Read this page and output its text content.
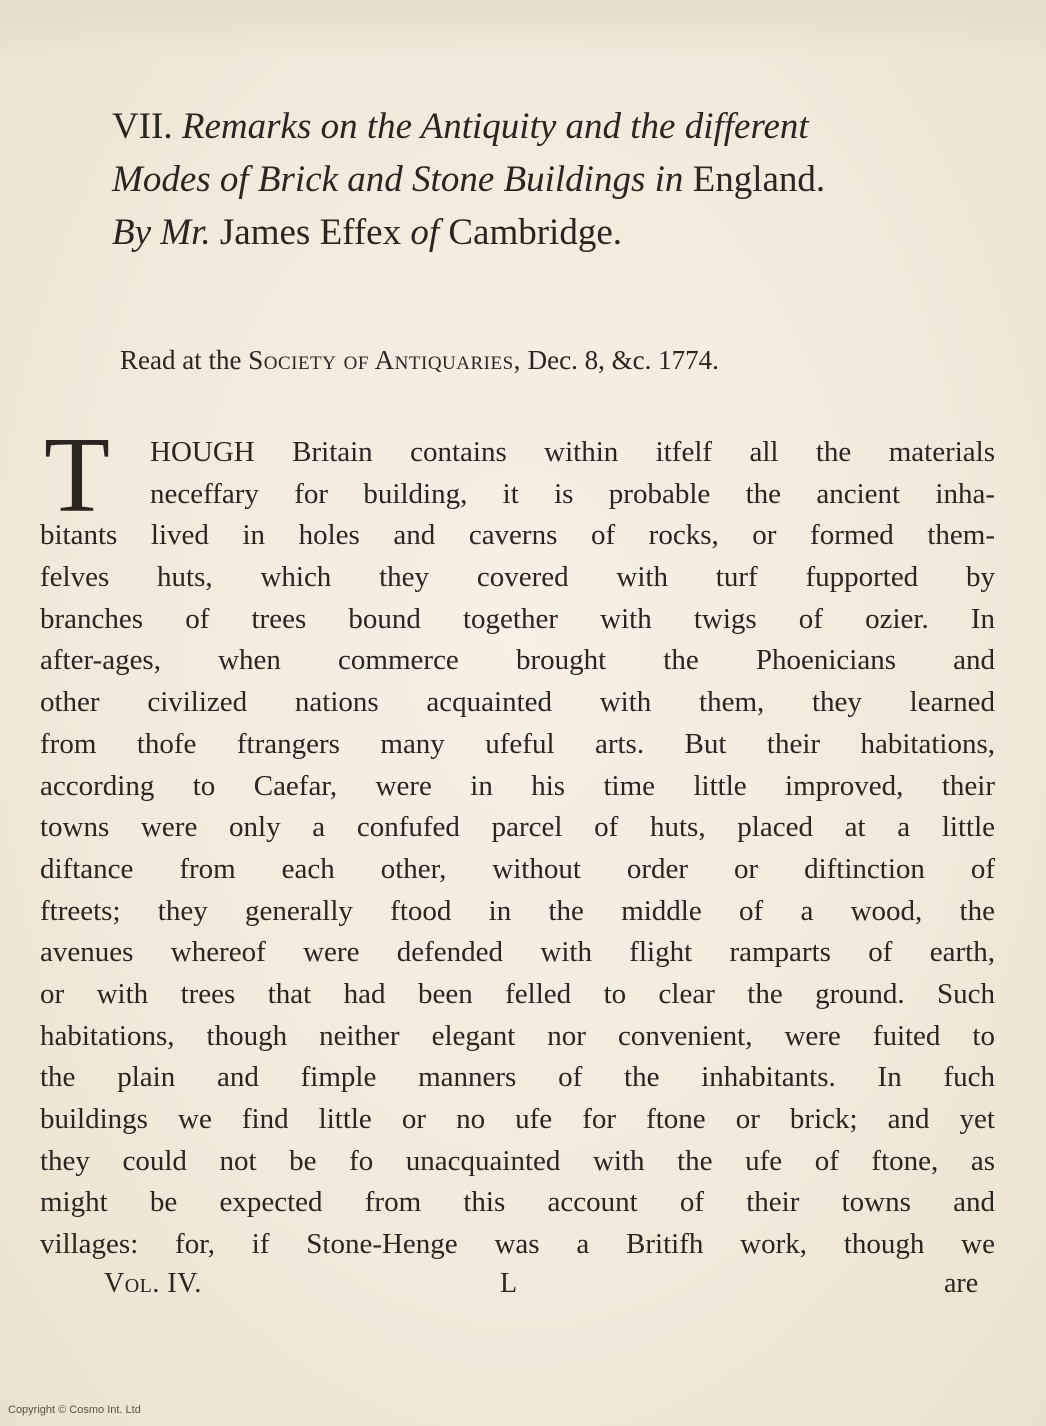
VII. Remarks on the Antiquity and the different
Modes of Brick and Stone Buildings in England.
By Mr. James Effex of Cambridge.
Read at the Society of Antiquaries, Dec. 8, &c. 1774.
T	HOUGH Britain contains within itfelf all the materials
neceffary for building, it is probable the ancient inha-
bitants lived in holes and caverns of rocks, or formed them-
felves huts, which they covered with turf fupported by
branches of trees bound together with twigs of ozier. In
after-ages, when commerce brought the Phoenicians and
other civilized nations acquainted with them, they learned
from thofe ftrangers many ufeful arts. But their habitations,
according to Caefar, were in his time little improved, their
towns were only a confufed parcel of huts, placed at a little
diftance from each other, without order or diftinction of
ftreets; they generally ftood in the middle of a wood, the
avenues whereof were defended with flight ramparts of earth,
or with trees that had been felled to clear the ground. Such
habitations, though neither elegant nor convenient, were fuited to
the plain and fimple manners of the inhabitants. In fuch
buildings we find little or no ufe for ftone or brick; and yet
they could not be fo unacquainted with the ufe of ftone, as
might be expected from this account of their towns and
villages: for, if Stone-Henge was a Britifh work, though we
Vol. IV.	L	are
Copyright © Cosmo Int. Ltd
